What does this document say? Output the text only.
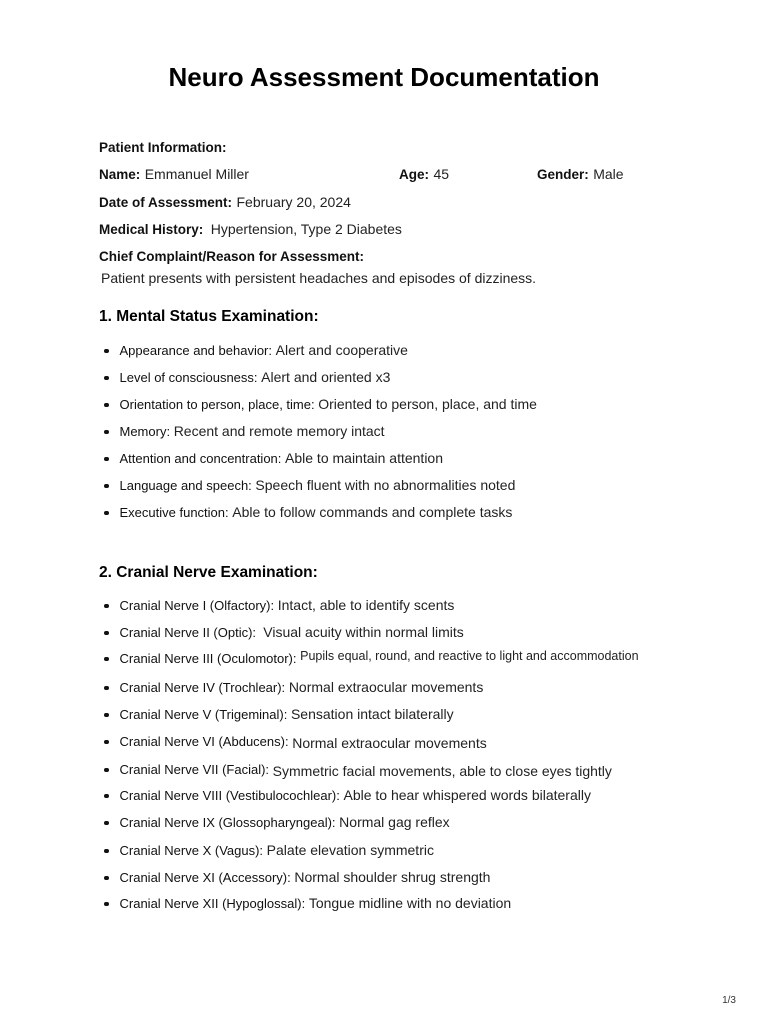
Neuro Assessment Documentation
Patient Information:
Name: Emmanuel Miller	Age: 45	Gender: Male
Date of Assessment: February 20, 2024
Medical History: Hypertension, Type 2 Diabetes
Chief Complaint/Reason for Assessment:
Patient presents with persistent headaches and episodes of dizziness.
1. Mental Status Examination:
Appearance and behavior: Alert and cooperative
Level of consciousness: Alert and oriented x3
Orientation to person, place, time: Oriented to person, place, and time
Memory: Recent and remote memory intact
Attention and concentration: Able to maintain attention
Language and speech: Speech fluent with no abnormalities noted
Executive function: Able to follow commands and complete tasks
2. Cranial Nerve Examination:
Cranial Nerve I (Olfactory): Intact, able to identify scents
Cranial Nerve II (Optic): Visual acuity within normal limits
Cranial Nerve III (Oculomotor): Pupils equal, round, and reactive to light and accommodation
Cranial Nerve IV (Trochlear): Normal extraocular movements
Cranial Nerve V (Trigeminal): Sensation intact bilaterally
Cranial Nerve VI (Abducens): Normal extraocular movements
Cranial Nerve VII (Facial): Symmetric facial movements, able to close eyes tightly
Cranial Nerve VIII (Vestibulocochlear): Able to hear whispered words bilaterally
Cranial Nerve IX (Glossopharyngeal): Normal gag reflex
Cranial Nerve X (Vagus): Palate elevation symmetric
Cranial Nerve XI (Accessory): Normal shoulder shrug strength
Cranial Nerve XII (Hypoglossal): Tongue midline with no deviation
1/3
